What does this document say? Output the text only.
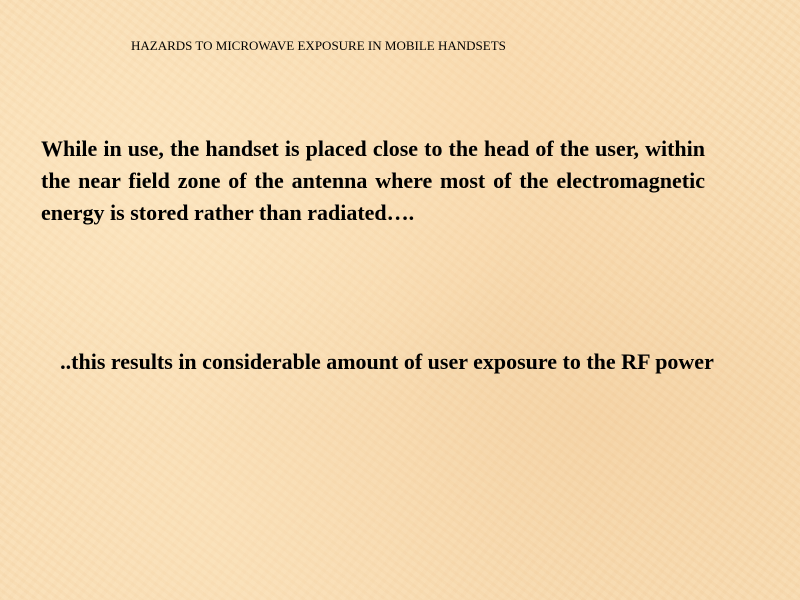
HAZARDS TO MICROWAVE EXPOSURE IN MOBILE HANDSETS
While in use, the handset is placed close to the head of the user, within the near field zone of the antenna where most of the electromagnetic energy is stored rather than radiated….
..this results in considerable amount of user exposure to the RF power
